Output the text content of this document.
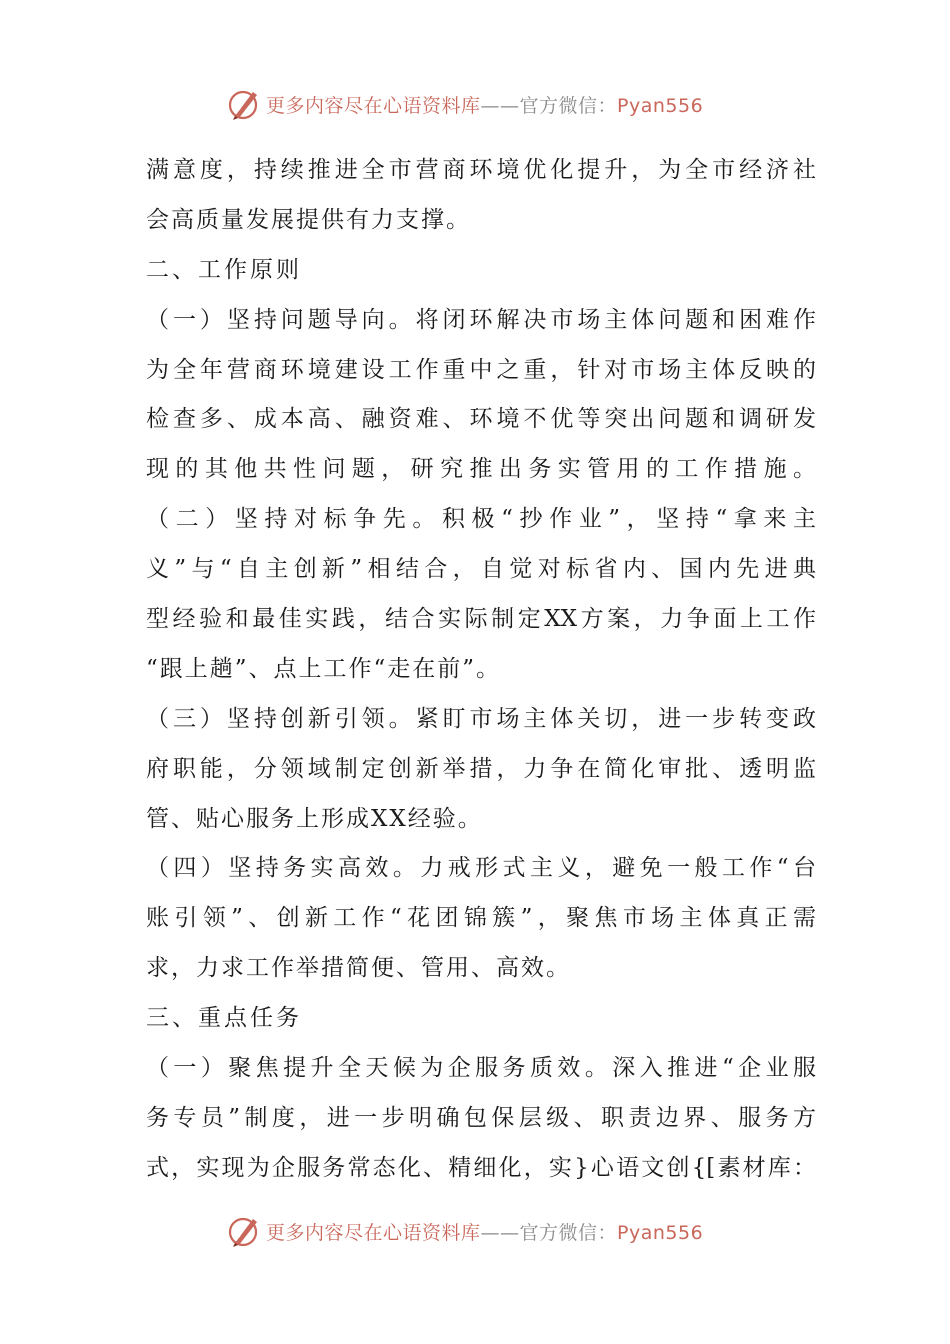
更多内容尽在心语资料库——官方微信：Pyan556
满意度，持续推进全市营商环境优化提升，为全市经济社
会高质量发展提供有力支撑。
二、工作原则
（一）坚持问题导向。将闭环解决市场主体问题和困难作
为全年营商环境建设工作重中之重，针对市场主体反映的
检查多、成本高、融资难、环境不优等突出问题和调研发
现的其他共性问题，研究推出务实管用的工作措施。
（二）坚持对标争先。积极“抄作业”，坚持“拿来主
义”与“自主创新”相结合，自觉对标省内、国内先进典
型经验和最佳实践，结合实际制定XX方案，力争面上工作
“跟上趟”、点上工作“走在前”。
（三）坚持创新引领。紧盯市场主体关切，进一步转变政
府职能，分领域制定创新举措，力争在简化审批、透明监
管、贴心服务上形成XX经验。
（四）坚持务实高效。力戒形式主义，避免一般工作“台
账引领”、创新工作“花团锦簇”，聚焦市场主体真正需
求，力求工作举措简便、管用、高效。
三、重点任务
（一）聚焦提升全天候为企服务质效。深入推进“企业服
务专员”制度，进一步明确包保层级、职责边界、服务方
式，实现为企服务常态化、精细化，实}心语文创{[素材库：
更多内容尽在心语资料库——官方微信：Pyan556
